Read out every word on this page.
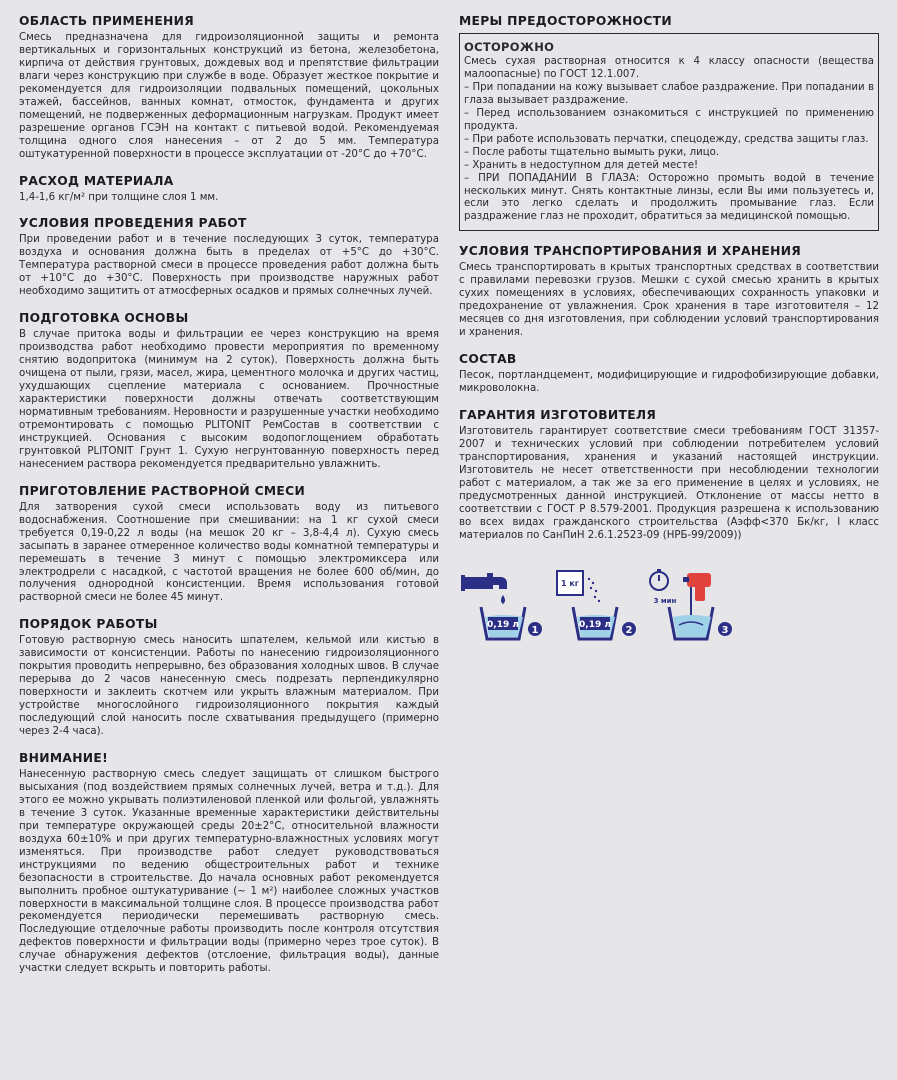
ОБЛАСТЬ ПРИМЕНЕНИЯ

Смесь предназначена для гидроизоляционной защиты и ремонта вертикальных и горизонтальных конструкций из бетона, железобетона, кирпича от действия грунтовых, дождевых вод и препятствие фильтрации влаги через конструкцию при службе в воде. Образует жесткое покрытие и рекомендуется для гидроизоляции подвальных помещений, цокольных этажей, бассейнов, ванных комнат, отмосток, фундамента и других помещений, не подверженных деформационным нагрузкам. Продукт имеет разрешение органов ГСЭН на контакт с питьевой водой. Рекомендуемая толщина одного слоя нанесения – от 2 до 5 мм. Температура оштукатуренной поверхности в процессе эксплуатации от -20°С до +70°С.

РАСХОД МАТЕРИАЛА

1,4-1,6 кг/м² при толщине слоя 1 мм.

УСЛОВИЯ ПРОВЕДЕНИЯ РАБОТ

При проведении работ и в течение последующих 3 суток, температура воздуха и основания должна быть в пределах от +5°С до +30°С. Температура растворной смеси в процессе проведения работ должна быть от +10°С до +30°С. Поверхность при производстве наружных работ необходимо защитить от атмосферных осадков и прямых солнечных лучей.

ПОДГОТОВКА ОСНОВЫ

В случае притока воды и фильтрации ее через конструкцию на время производства работ необходимо провести мероприятия по временному снятию водопритока (минимум на 2 суток). Поверхность должна быть очищена от пыли, грязи, масел, жира, цементного молочка и других частиц, ухудшающих сцепление материала с основанием. Прочностные характеристики поверхности должны отвечать соответствующим нормативным требованиям. Неровности и разрушенные участки необходимо отремонтировать с помощью PLITONIT РемСостав в соответствии с инструкцией. Основания с высоким водопоглощением обработать грунтовкой PLITONIT Грунт 1. Сухую негрунтованную поверхность перед нанесением раствора рекомендуется предварительно увлажнить.

ПРИГОТОВЛЕНИЕ РАСТВОРНОЙ СМЕСИ

Для затворения сухой смеси использовать воду из питьевого водоснабжения. Соотношение при смешивании: на 1 кг сухой смеси требуется 0,19-0,22 л воды (на мешок 20 кг – 3,8-4,4 л). Сухую смесь засыпать в заранее отмеренное количество воды комнатной температуры и перемешать в течение 3 минут с помощью электромиксера или электродрели с насадкой, с частотой вращения не более 600 об/мин, до получения однородной консистенции. Время использования готовой растворной смеси не более 45 минут.

ПОРЯДОК РАБОТЫ

Готовую растворную смесь наносить шпателем, кельмой или кистью в зависимости от консистенции. Работы по нанесению гидроизоляционного покрытия проводить непрерывно, без образования холодных швов. В случае перерыва до 2 часов нанесенную смесь подрезать перпендикулярно поверхности и заклеить скотчем или укрыть влажным материалом. При устройстве многослойного гидроизоляционного покрытия каждый последующий слой наносить после схватывания предыдущего (примерно через 2-4 часа).

ВНИМАНИЕ!

Нанесенную растворную смесь следует защищать от слишком быстрого высыхания (под воздействием прямых солнечных лучей, ветра и т.д.). Для этого ее можно укрывать полиэтиленовой пленкой или фольгой, увлажнять в течение 3 суток. Указанные временные характеристики действительны при температуре окружающей среды 20±2°С, относительной влажности воздуха 60±10% и при других температурно-влажностных условиях могут изменяться. При производстве работ следует руководствоваться инструкциями по ведению общестроительных работ и технике безопасности в строительстве. До начала основных работ рекомендуется выполнить пробное оштукатуривание (~ 1 м²) наиболее сложных участков поверхности в максимальной толщине слоя. В процессе производства работ рекомендуется периодически перемешивать растворную смесь. Последующие отделочные работы производить после контроля отсутствия дефектов поверхности и фильтрации воды (примерно через трое суток). В случае обнаружения дефектов (отслоение, фильтрация воды), данные участки следует вскрыть и повторить работы.

МЕРЫ ПРЕДОСТОРОЖНОСТИ
ОСТОРОЖНО

Смесь сухая растворная относится к 4 классу опасности (вещества малоопасные) по ГОСТ 12.1.007.

– При попадании на кожу вызывает слабое раздражение. При попадании в глаза вызывает раздражение.

– Перед использованием ознакомиться с инструкцией по применению продукта.

– При работе использовать перчатки, спецодежду, средства защиты глаз.

– После работы тщательно вымыть руки, лицо.

– Хранить в недоступном для детей месте!

– ПРИ ПОПАДАНИИ В ГЛАЗА: Осторожно промыть водой в течение нескольких минут. Снять контактные линзы, если Вы ими пользуетесь и, если это легко сделать и продолжить промывание глаз. Если раздражение глаз не проходит, обратиться за медицинской помощью.

УСЛОВИЯ ТРАНСПОРТИРОВАНИЯ И ХРАНЕНИЯ

Смесь транспортировать в крытых транспортных средствах в соответствии с правилами перевозки грузов. Мешки с сухой смесью хранить в крытых сухих помещениях в условиях, обеспечивающих сохранность упаковки и предохранение от увлажнения. Срок хранения в таре изготовителя – 12 месяцев со дня изготовления, при соблюдении условий транспортирования и хранения.

СОСТАВ

Песок, портландцемент, модифицирующие и гидрофобизирующие добавки, микроволокна.

ГАРАНТИЯ ИЗГОТОВИТЕЛЯ

Изготовитель гарантирует соответствие смеси требованиям ГОСТ 31357-2007 и технических условий при соблюдении потребителем условий транспортирования, хранения и указаний настоящей инструкции. Изготовитель не несет ответственности при несоблюдении технологии работ с материалом, а так же за его применение в целях и условиях, не предусмотренных данной инструкцией. Отклонение от массы нетто в соответствии с ГОСТ Р 8.579-2001. Продукция разрешена к использованию во всех видах гражданского строительства (Аэфф<370 Бк/кг, I класс материалов по СанПиН 2.6.1.2523-09 (НРБ-99/2009))

0,19 л 1
1 кг
0,19 л 2
3 мин
3
